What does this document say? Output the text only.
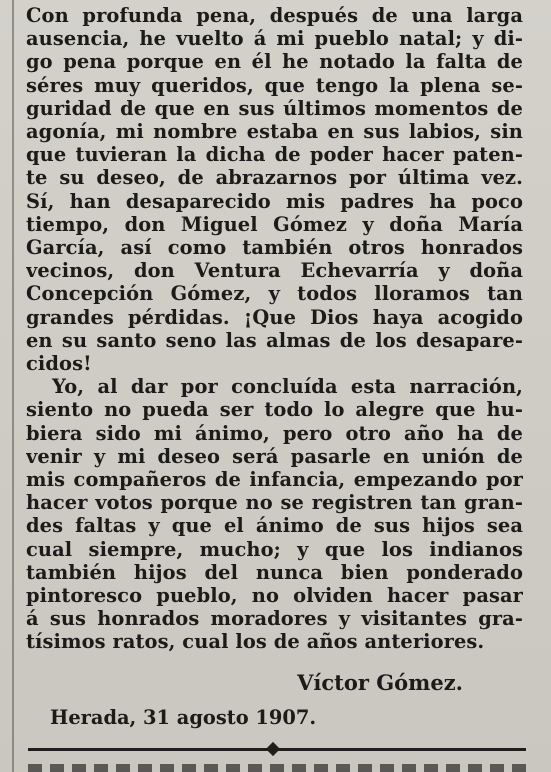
Con profunda pena, después de una larga
ausencia, he vuelto á mi pueblo natal; y di-
go pena porque en él he notado la falta de
séres muy queridos, que tengo la plena se-
guridad de que en sus últimos momentos de
agonía, mi nombre estaba en sus labios, sin
que tuvieran la dicha de poder hacer paten-
te su deseo, de abrazarnos por última vez.
Sí, han desaparecido mis padres ha poco
tiempo, don Miguel Gómez y doña María
García, así como también otros honrados
vecinos, don Ventura Echevarría y doña
Concepción Gómez, y todos lloramos tan
grandes pérdidas. ¡Que Dios haya acogido
en su santo seno las almas de los desapare-
cidos!
Yo, al dar por concluída esta narración,
siento no pueda ser todo lo alegre que hu-
biera sido mi ánimo, pero otro año ha de
venir y mi deseo será pasarle en unión de
mis compañeros de infancia, empezando por
hacer votos porque no se registren tan gran-
des faltas y que el ánimo de sus hijos sea
cual siempre, mucho; y que los indianos
también hijos del nunca bien ponderado
pintoresco pueblo, no olviden hacer pasar
á sus honrados moradores y visitantes gra-
tísimos ratos, cual los de años anteriores.
Víctor Gómez.
Herada, 31 agosto 1907.
